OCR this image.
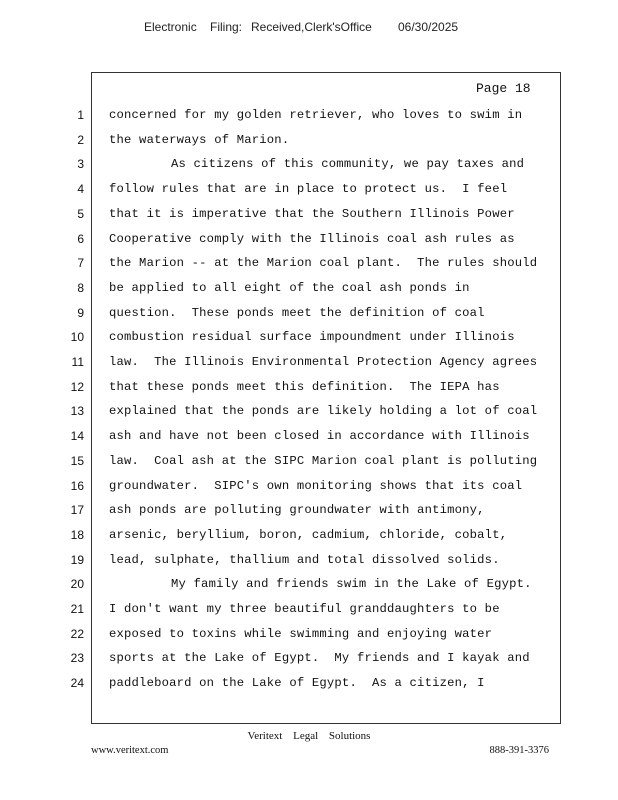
Electronic Filing: Received,Clerk'sOffice 06/30/2025
Page 18
1
2
3
4
5
6
7
8
9
10
11
12
13
14
15
16
17
18
19
20
21
22
23
24
concerned for my golden retriever, who loves to swim in
the waterways of Marion.
As citizens of this community, we pay taxes and
follow rules that are in place to protect us.  I feel
that it is imperative that the Southern Illinois Power
Cooperative comply with the Illinois coal ash rules as
the Marion -- at the Marion coal plant.  The rules should
be applied to all eight of the coal ash ponds in
question.  These ponds meet the definition of coal
combustion residual surface impoundment under Illinois
law.  The Illinois Environmental Protection Agency agrees
that these ponds meet this definition.  The IEPA has
explained that the ponds are likely holding a lot of coal
ash and have not been closed in accordance with Illinois
law.  Coal ash at the SIPC Marion coal plant is polluting
groundwater.  SIPC's own monitoring shows that its coal
ash ponds are polluting groundwater with antimony,
arsenic, beryllium, boron, cadmium, chloride, cobalt,
lead, sulphate, thallium and total dissolved solids.
My family and friends swim in the Lake of Egypt.
I don't want my three beautiful granddaughters to be
exposed to toxins while swimming and enjoying water
sports at the Lake of Egypt.  My friends and I kayak and
paddleboard on the Lake of Egypt.  As a citizen, I
Veritext Legal Solutions
www.veritext.com	888-391-3376
